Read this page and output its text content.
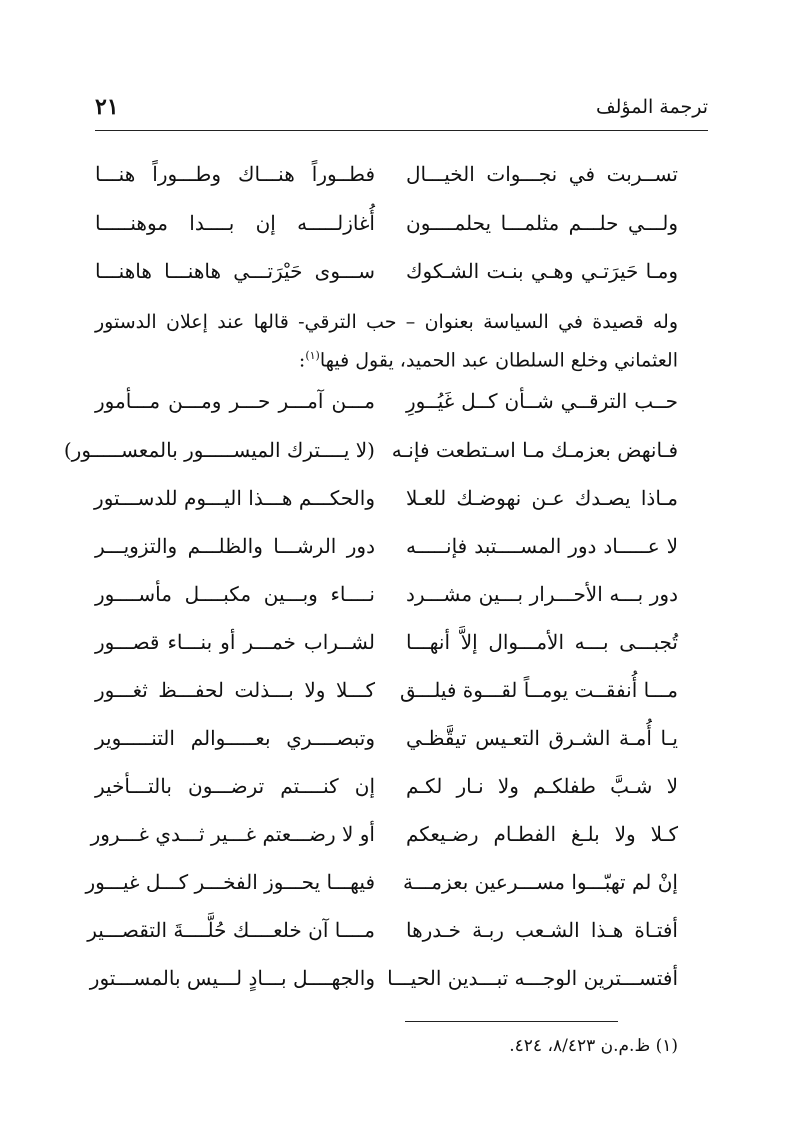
ترجمة المؤلف
٢١
تســربت في نجـــوات الخيـــال
فطــوراً هنـــاك وطـــوراً هنـــا
ولـــي حلـــم مثلمـــا يحلمــــون
أُغازلـــــه إن بــــدا موهنـــــا
ومـا حَيرَتـي وهـي بنـت الشـكوك
ســـوى حَيْرَتـــي هاهنـــا هاهنـــا
وله قصيدة في السياسة بعنوان – حب الترقي- قالها عند إعلان الدستور العثماني وخلع السلطان عبد الحميد، يقول فيها$^{(١)}$:
حــب الترقــي شــأن كــل غَيُــورِ
مـــن آمـــر حـــر ومـــن مـــأمور
فـانهض بعزمـك مـا اسـتطعت فإنـه
(لا يــــترك الميســـــور بالمعســـــور)
مـاذا يصـدك عـن نهوضـك للعـلا
والحكـــم هـــذا اليـــوم للدســـتور
لا عـــــاد دور المســــتبد فإنـــــه
دور الرشـــا والظلـــم والتزويـــر
دور بـــه الأحـــرار بـــين مشـــرد
نــــاء وبـــين مكبــــل مأســــور
تُجبـــى بـــه الأمـــوال إلاَّ أنهـــا
لشــراب خمـــر أو بنـــاء قصـــور
مـــا أُنفقــت يومــاً لقـــوة فيلـــق
كـــلا ولا بـــذلت لحفـــظ ثغـــور
يـا أُمـة الشـرق التعـيس تيقَّظـي
وتبصــــري بعـــــوالم التنـــــوير
لا شـبَّ طفلكـم ولا نـار لكـم
إن كنــــتم ترضـــون بالتـــأخير
كـلا ولا بلـغ الفطـام رضـيعكم
أو لا رضـــعتم غـــير ثـــدي غـــرور
إنْ لم تهبّـــوا مســـرعين بعزمـــة
فيهـــا يحـــوز الفخـــر كـــل غيـــور
أفتـاة هـذا الشـعب ربـة خـدرها
مــــا آن خلعــــك حُلَّــــةَ التقصـــير
أفتســـترين الوجـــه تبـــدين الحيـــا
والجهــــل بـــادٍ لـــيس بالمســـتور
(١) ظ.م.ن ٨/٤٢٣، ٤٢٤.
